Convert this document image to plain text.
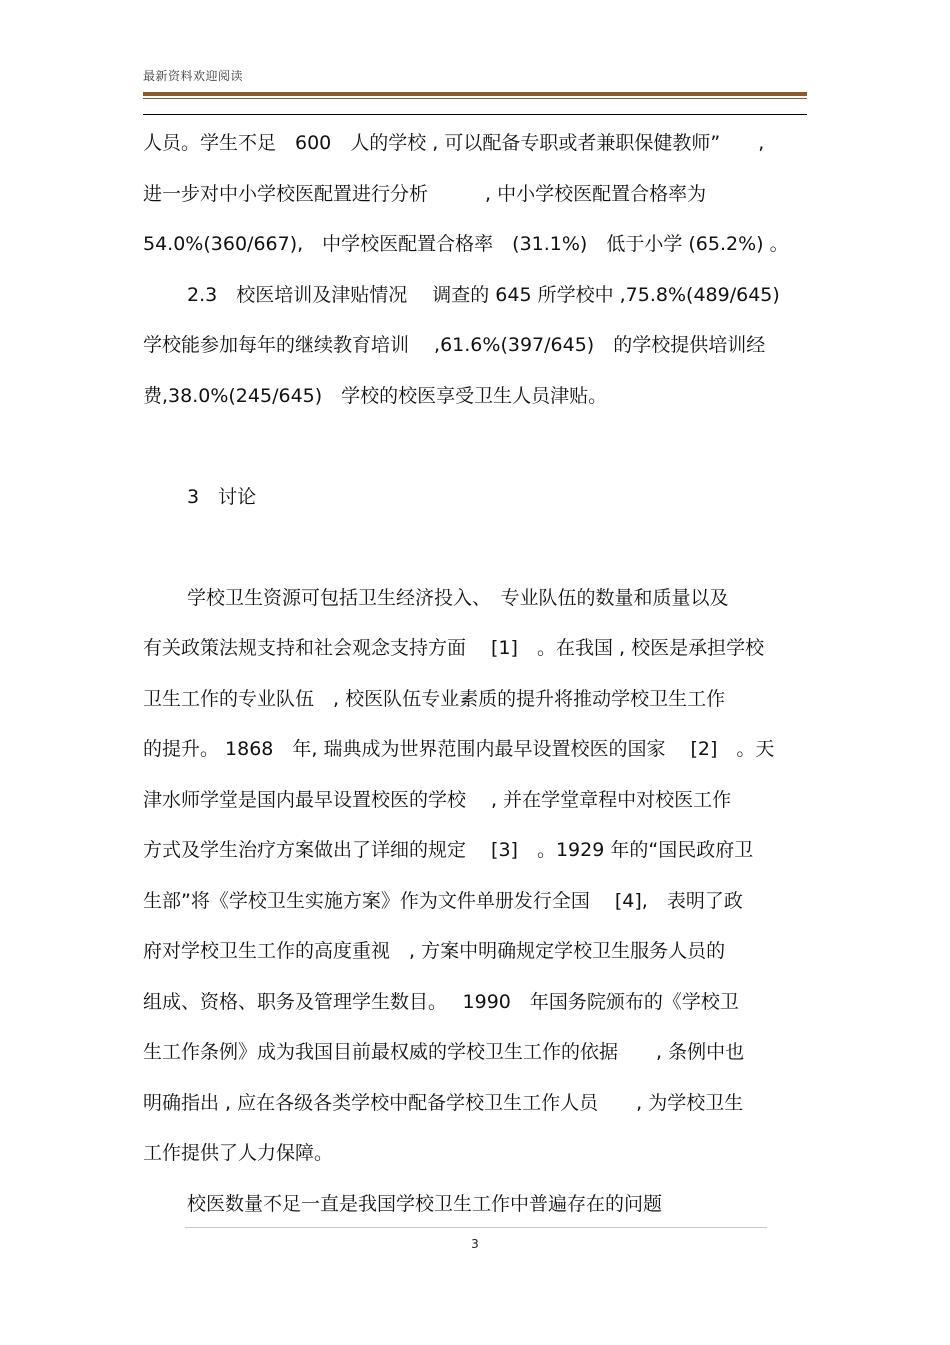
最新资料欢迎阅读
人员。学生不足　600　人的学校 , 可以配备专职或者兼职保健教师”　　,
进一步对中小学校医配置进行分析　　　, 中小学校医配置合格率为
54.0%(360/667),　中学校医配置合格率　(31.1%)　低于小学 (65.2%) 。
2.3　校医培训及津贴情况　 调查的 645 所学校中 ,75.8%(489/645)
学校能参加每年的继续教育培训　 ,61.6%(397/645)　的学校提供培训经
费,38.0%(245/645)　学校的校医享受卫生人员津贴。
3　讨论
学校卫生资源可包括卫生经济投入、　专业队伍的数量和质量以及
有关政策法规支持和社会观念支持方面　 [1]　。在我国 , 校医是承担学校
卫生工作的专业队伍　, 校医队伍专业素质的提升将推动学校卫生工作
的提升。 1868　年, 瑞典成为世界范围内最早设置校医的国家　 [2]　。天
津水师学堂是国内最早设置校医的学校　 , 并在学堂章程中对校医工作
方式及学生治疗方案做出了详细的规定　 [3]　。1929 年的“国民政府卫
生部”将《学校卫生实施方案》作为文件单册发行全国　 [4],　表明了政
府对学校卫生工作的高度重视　, 方案中明确规定学校卫生服务人员的
组成、资格、职务及管理学生数目。　 1990　年国务院颁布的《学校卫
生工作条例》成为我国目前最权威的学校卫生工作的依据　　, 条例中也
明确指出 , 应在各级各类学校中配备学校卫生工作人员　　, 为学校卫生
工作提供了人力保障。
校医数量不足一直是我国学校卫生工作中普遍存在的问题
3
